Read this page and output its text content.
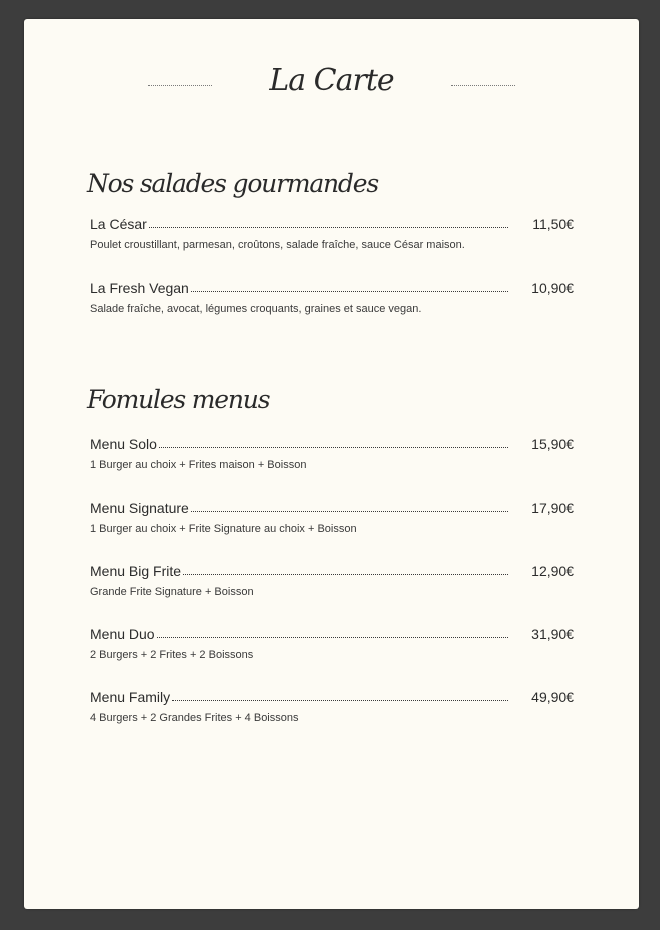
La Carte
Nos salades gourmandes
La César	11,50€
Poulet croustillant, parmesan, croûtons, salade fraîche, sauce César maison.
La Fresh Vegan	10,90€
Salade fraîche, avocat, légumes croquants, graines et sauce vegan.
Fomules menus
Menu Solo	15,90€
1 Burger au choix + Frites maison + Boisson
Menu Signature	17,90€
1 Burger au choix + Frite Signature au choix + Boisson
Menu Big Frite	12,90€
Grande Frite Signature + Boisson
Menu Duo	31,90€
2 Burgers + 2 Frites + 2 Boissons
Menu Family	49,90€
4 Burgers + 2 Grandes Frites + 4 Boissons
